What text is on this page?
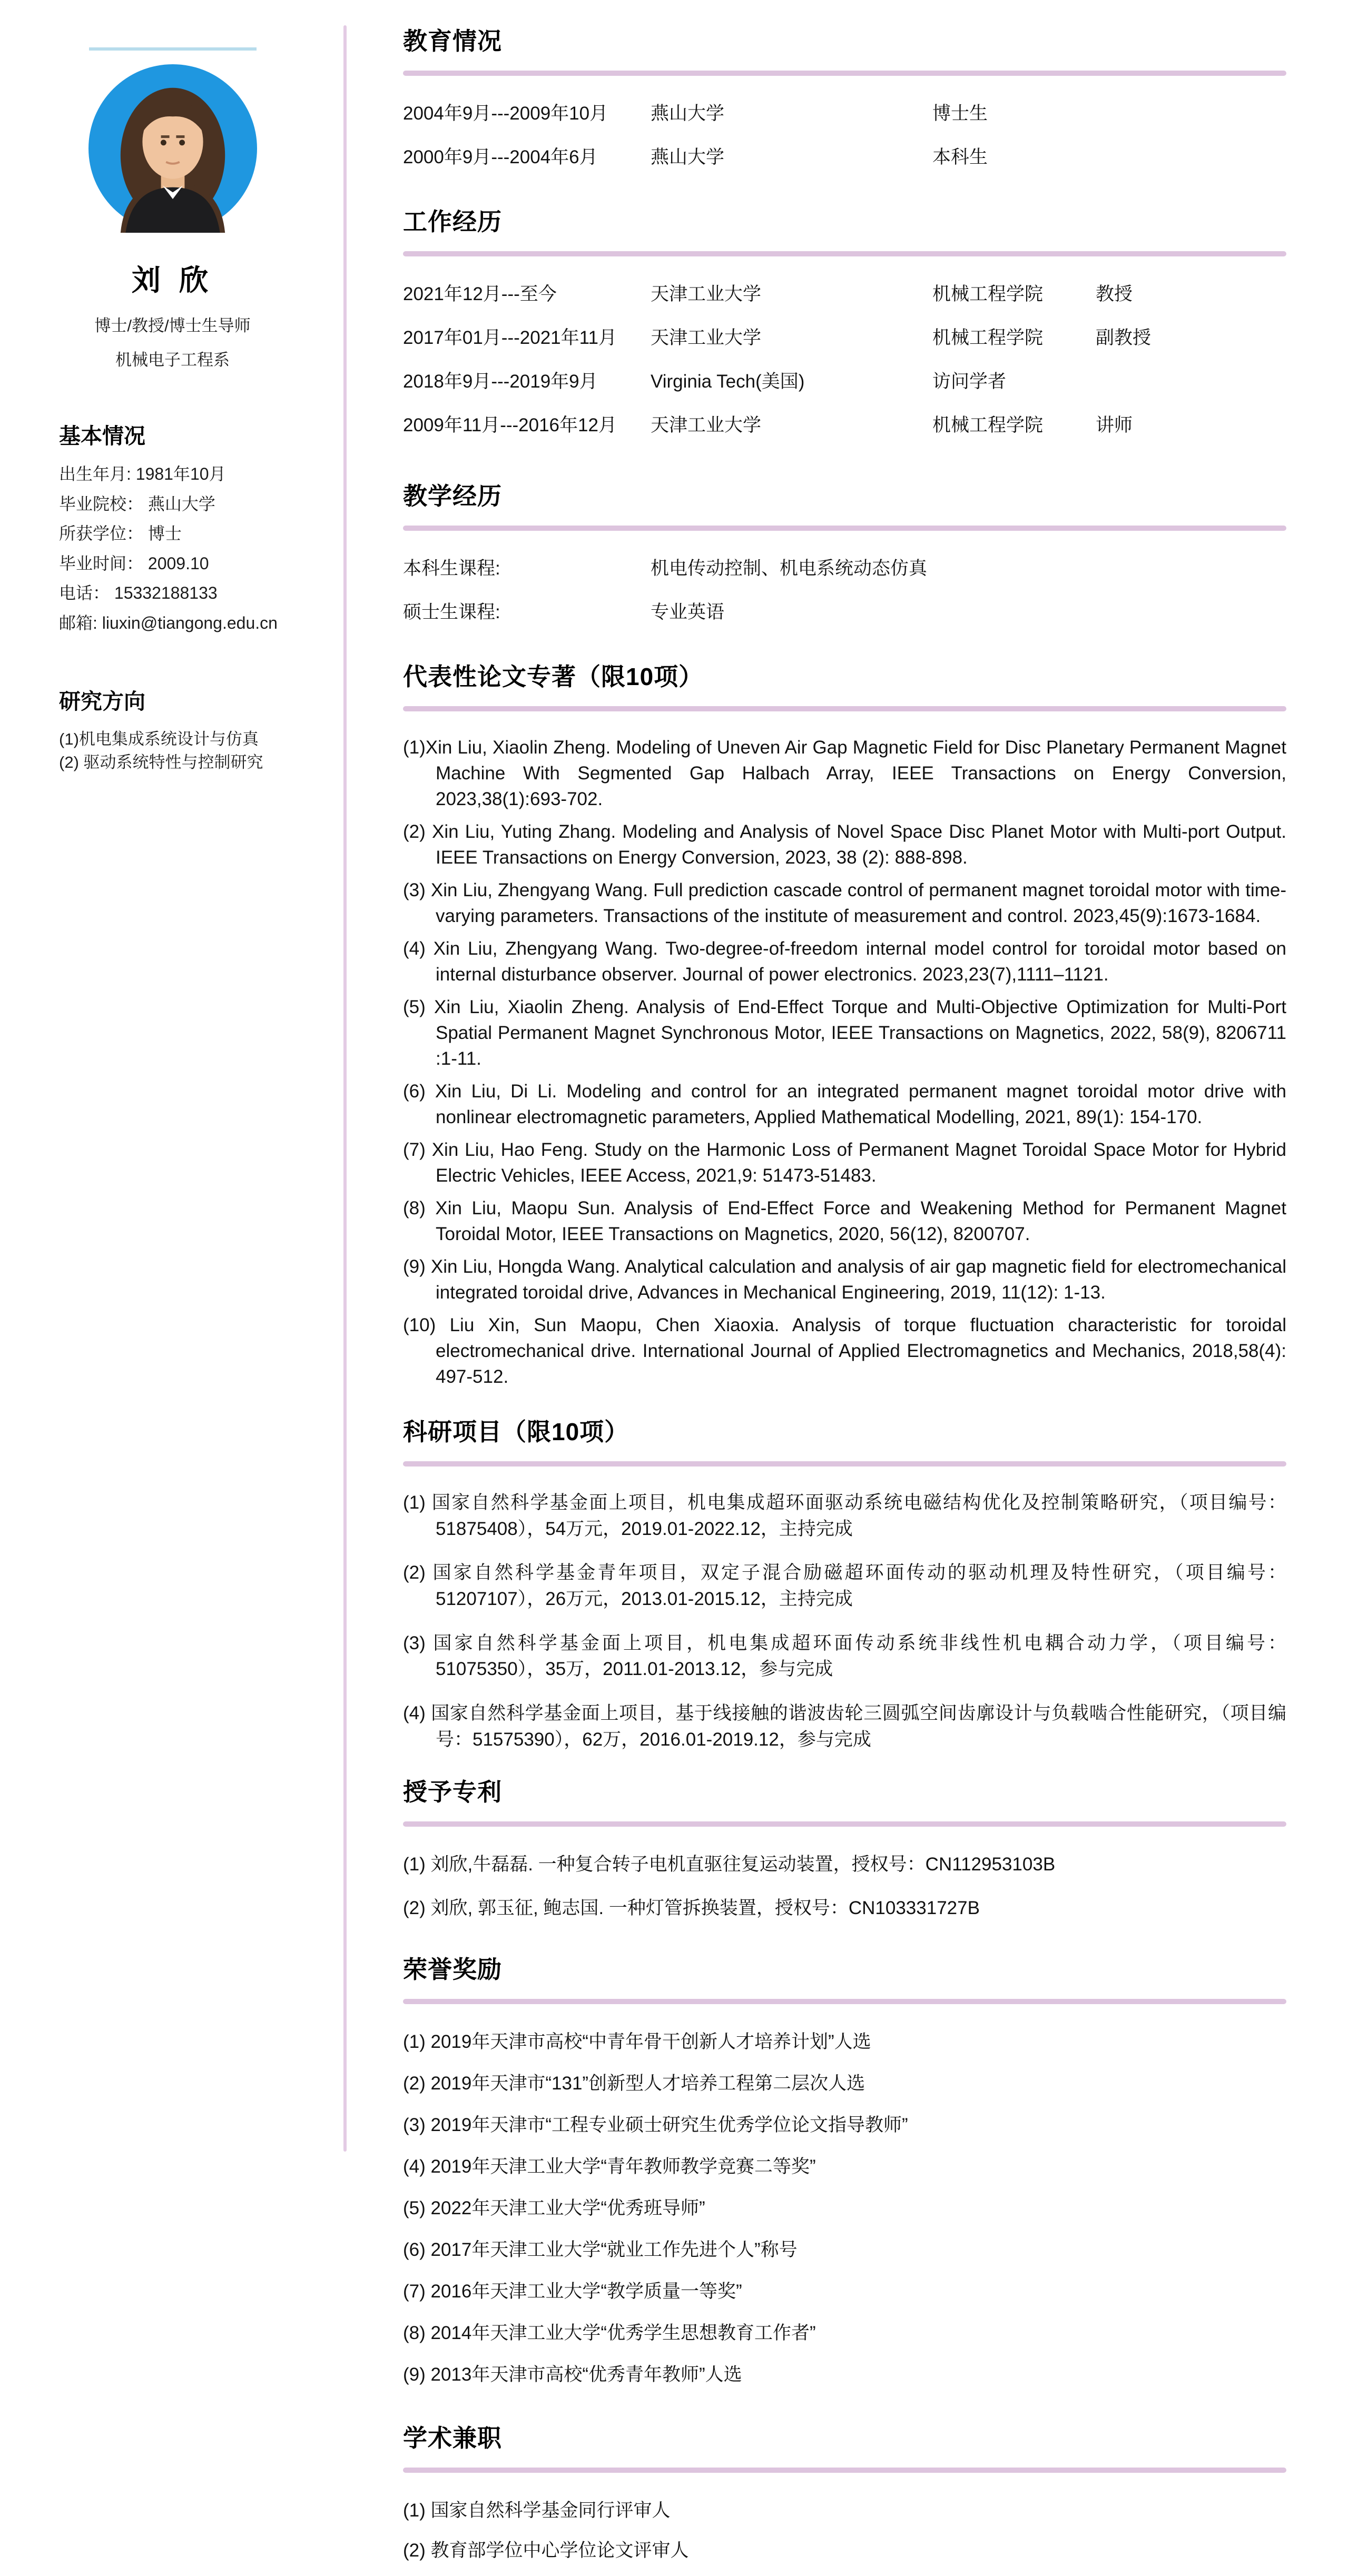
刘 欣
博士/教授/博士生导师
机械电子工程系
基本情况
出生年月: 1981年10月
毕业院校： 燕山大学
所获学位： 博士
毕业时间： 2009.10
电话： 15332188133
邮箱: liuxin@tiangong.edu.cn
研究方向
(1)机电集成系统设计与仿真
(2) 驱动系统特性与控制研究
教育情况
2004年9月---2009年10月	燕山大学	博士生
2000年9月---2004年6月	燕山大学	本科生
工作经历
2021年12月---至今	天津工业大学	机械工程学院	教授
2017年01月---2021年11月	天津工业大学	机械工程学院	副教授
2018年9月---2019年9月	Virginia Tech(美国)	访问学者
2009年11月---2016年12月	天津工业大学	机械工程学院	讲师
教学经历
本科生课程:	机电传动控制、机电系统动态仿真
硕士生课程:	专业英语
代表性论文专著（限10项）

(1)Xin Liu, Xiaolin Zheng. Modeling of Uneven Air Gap Magnetic Field for Disc Planetary Permanent Magnet Machine With Segmented Gap Halbach Array, IEEE Transactions on Energy Conversion, 2023,38(1):693-702.

(2) Xin Liu, Yuting Zhang. Modeling and Analysis of Novel Space Disc Planet Motor with Multi-port Output. IEEE Transactions on Energy Conversion, 2023, 38 (2): 888-898.

(3) Xin Liu, Zhengyang Wang. Full prediction cascade control of permanent magnet toroidal motor with time-varying parameters. Transactions of the institute of measurement and control. 2023,45(9):1673-1684.

(4) Xin Liu, Zhengyang Wang. Two-degree-of-freedom internal model control for toroidal motor based on internal disturbance observer. Journal of power electronics. 2023,23(7),1111–1121.

(5) Xin Liu, Xiaolin Zheng. Analysis of End-Effect Torque and Multi-Objective Optimization for Multi-Port Spatial Permanent Magnet Synchronous Motor, IEEE Transactions on Magnetics, 2022, 58(9), 8206711 :1-11.

(6) Xin Liu, Di Li. Modeling and control for an integrated permanent magnet toroidal motor drive with nonlinear electromagnetic parameters, Applied Mathematical Modelling, 2021, 89(1): 154-170.

(7) Xin Liu, Hao Feng. Study on the Harmonic Loss of Permanent Magnet Toroidal Space Motor for Hybrid Electric Vehicles, IEEE Access, 2021,9: 51473-51483.

(8) Xin Liu, Maopu Sun. Analysis of End-Effect Force and Weakening Method for Permanent Magnet Toroidal Motor, IEEE Transactions on Magnetics, 2020, 56(12), 8200707.

(9) Xin Liu, Hongda Wang. Analytical calculation and analysis of air gap magnetic field for electromechanical integrated toroidal drive, Advances in Mechanical Engineering, 2019, 11(12): 1-13.

(10) Liu Xin, Sun Maopu, Chen Xiaoxia. Analysis of torque fluctuation characteristic for toroidal electromechanical drive. International Journal of Applied Electromagnetics and Mechanics, 2018,58(4): 497-512.

科研项目（限10项）

(1) 国家自然科学基金面上项目，机电集成超环面驱动系统电磁结构优化及控制策略研究，（项目编号：51875408），54万元，2019.01-2022.12，主持完成

(2) 国家自然科学基金青年项目，双定子混合励磁超环面传动的驱动机理及特性研究，（项目编号：51207107），26万元，2013.01-2015.12，主持完成

(3) 国家自然科学基金面上项目，机电集成超环面传动系统非线性机电耦合动力学，（项目编号：51075350），35万，2011.01-2013.12，参与完成

(4) 国家自然科学基金面上项目，基于线接触的谐波齿轮三圆弧空间齿廓设计与负载啮合性能研究，（项目编号：51575390），62万，2016.01-2019.12，参与完成

授予专利

(1) 刘欣,牛磊磊. 一种复合转子电机直驱往复运动装置，授权号：CN112953103B

(2) 刘欣, 郭玉征, 鲍志国. 一种灯管拆换装置，授权号：CN103331727B

荣誉奖励

(1) 2019年天津市高校“中青年骨干创新人才培养计划”人选

(2) 2019年天津市“131”创新型人才培养工程第二层次人选

(3) 2019年天津市“工程专业硕士研究生优秀学位论文指导教师”

(4) 2019年天津工业大学“青年教师教学竞赛二等奖”

(5) 2022年天津工业大学“优秀班导师”

(6) 2017年天津工业大学“就业工作先进个人”称号

(7) 2016年天津工业大学“教学质量一等奖”

(8) 2014年天津工业大学“优秀学生思想教育工作者”

(9) 2013年天津市高校“优秀青年教师”人选

学术兼职

(1) 国家自然科学基金同行评审人

(2) 教育部学位中心学位论文评审人
